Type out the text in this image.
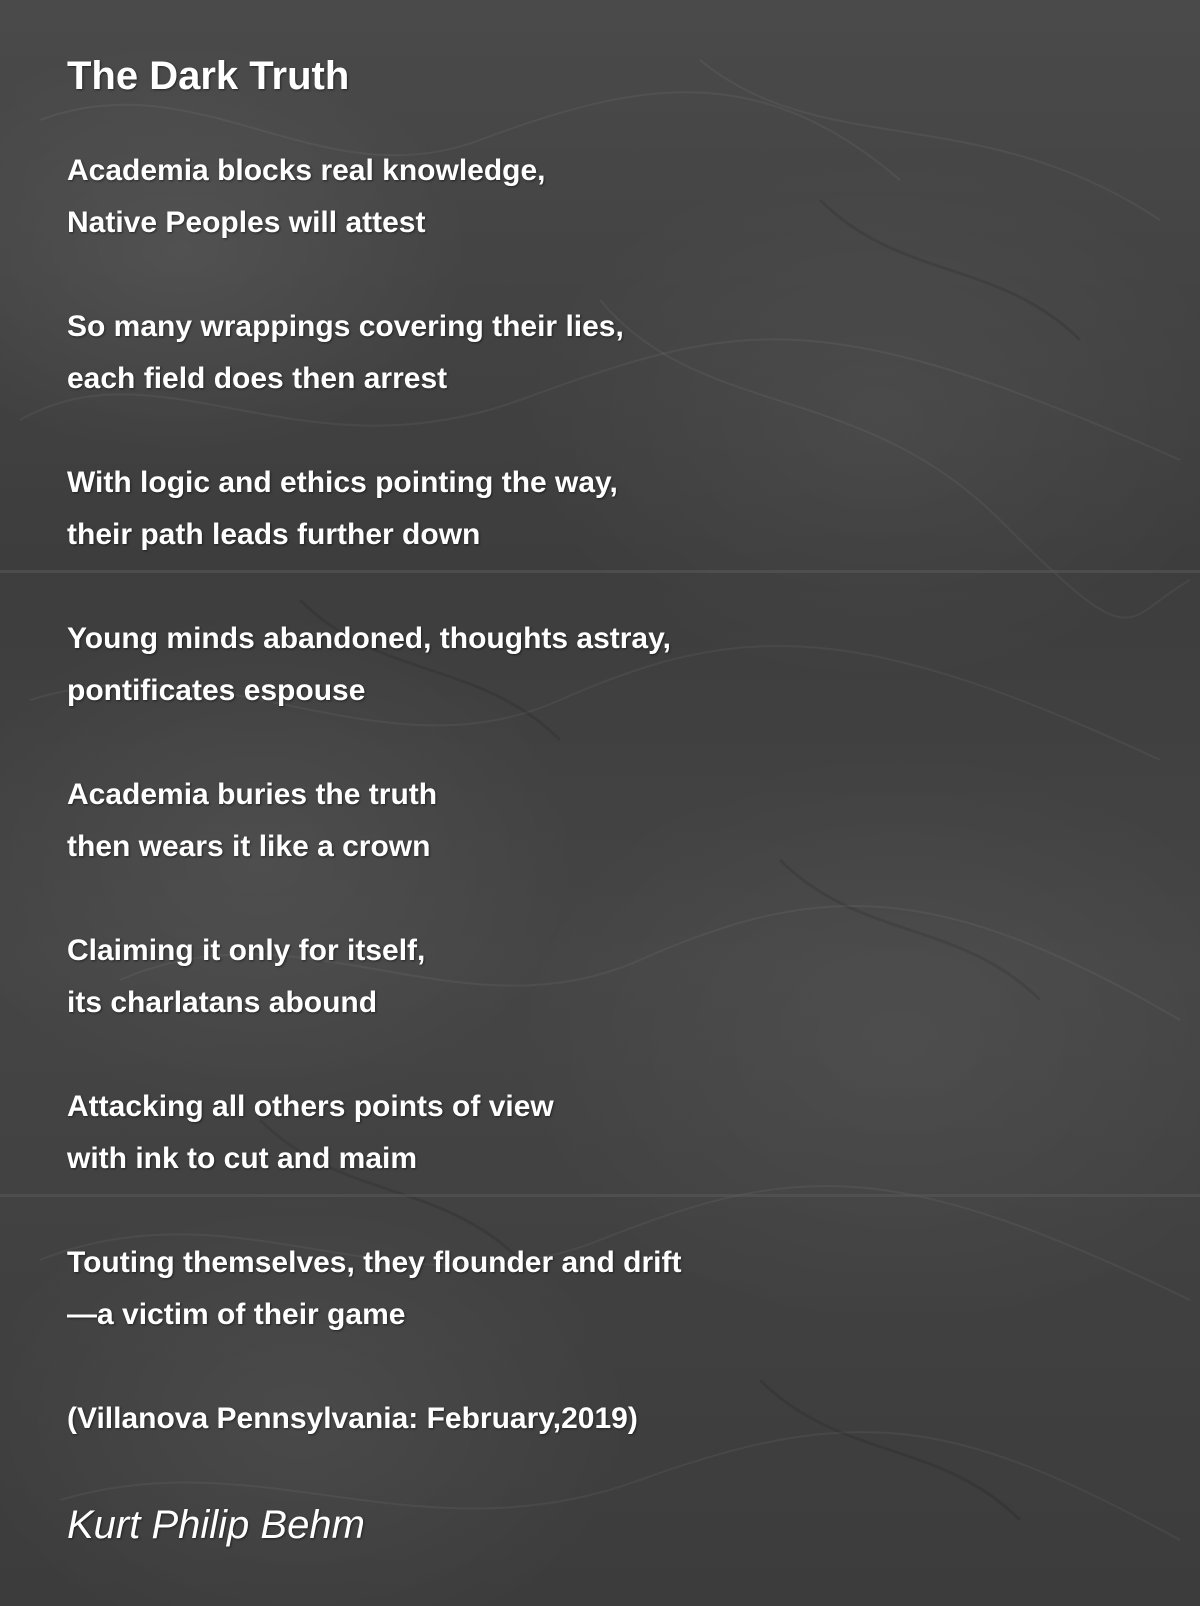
The Dark Truth
Academia blocks real knowledge,
Native Peoples will attest
So many wrappings covering their lies,
each field does then arrest
With logic and ethics pointing the way,
their path leads further down
Young minds abandoned, thoughts astray,
pontificates espouse
Academia buries the truth
then wears it like a crown
Claiming it only for itself,
its charlatans abound
Attacking all others points of view
with ink to cut and maim
Touting themselves, they flounder and drift
—a victim of their game
(Villanova Pennsylvania: February,2019)
Kurt Philip Behm
